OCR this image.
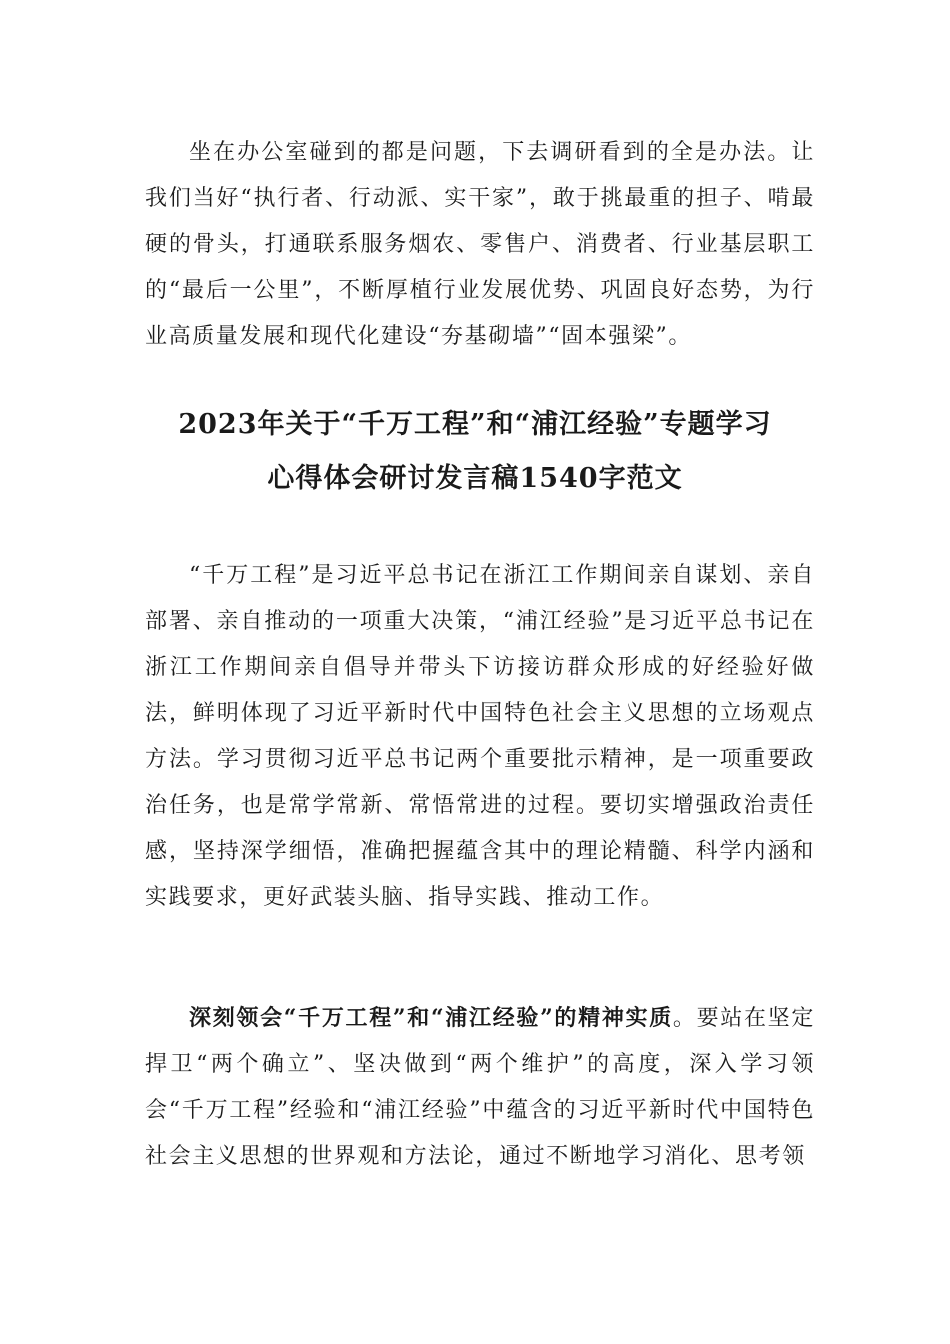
坐在办公室碰到的都是问题，下去调研看到的全是办法。让我们当好“执行者、行动派、实干家”，敢于挑最重的担子、啃最硬的骨头，打通联系服务烟农、零售户、消费者、行业基层职工的“最后一公里”，不断厚植行业发展优势、巩固良好态势，为行业高质量发展和现代化建设“夯基砌墙”“固本强梁”。

2023年关于“千万工程”和“浦江经验”专题学习
心得体会研讨发言稿1540字范文

“千万工程”是习近平总书记在浙江工作期间亲自谋划、亲自部署、亲自推动的一项重大决策，“浦江经验”是习近平总书记在浙江工作期间亲自倡导并带头下访接访群众形成的好经验好做法，鲜明体现了习近平新时代中国特色社会主义思想的立场观点方法。学习贯彻习近平总书记两个重要批示精神，是一项重要政治任务，也是常学常新、常悟常进的过程。要切实增强政治责任感，坚持深学细悟，准确把握蕴含其中的理论精髓、科学内涵和实践要求，更好武装头脑、指导实践、推动工作。

深刻领会“千万工程”和“浦江经验”的精神实质。要站在坚定捍卫“两个确立”、坚决做到“两个维护”的高度，深入学习领会“千万工程”经验和“浦江经验”中蕴含的习近平新时代中国特色社会主义思想的世界观和方法论，通过不断地学习消化、思考领
